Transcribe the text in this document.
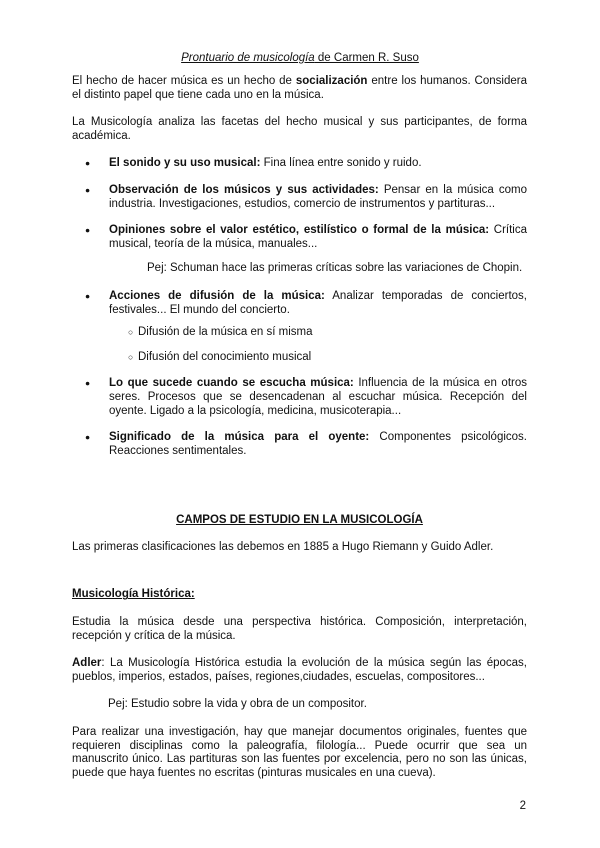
Prontuario de musicología de Carmen R. Suso

El hecho de hacer música es un hecho de socialización entre los humanos. Considera el distinto papel que tiene cada uno en la música.

La Musicología analiza las facetas del hecho musical y sus participantes, de forma académica.

● El sonido y su uso musical: Fina línea entre sonido y ruido.
● Observación de los músicos y sus actividades: Pensar en la música como industria. Investigaciones, estudios, comercio de instrumentos y partituras...
● Opiniones sobre el valor estético, estilístico o formal de la música: Crítica musical, teoría de la música, manuales...

Pej: Schuman hace las primeras críticas sobre las variaciones de Chopin.

● Acciones de difusión de la música: Analizar temporadas de conciertos, festivales... El mundo del concierto.
○ Difusión de la música en sí misma
○ Difusión del conocimiento musical
● Lo que sucede cuando se escucha música: Influencia de la música en otros seres. Procesos que se desencadenan al escuchar música. Recepción del oyente. Ligado a la psicología, medicina, musicoterapia...
● Significado de la música para el oyente: Componentes psicológicos. Reacciones sentimentales.
CAMPOS DE ESTUDIO EN LA MUSICOLOGÍA

Las primeras clasificaciones las debemos en 1885 a Hugo Riemann y Guido Adler.

Musicología Histórica:

Estudia la música desde una perspectiva histórica. Composición, interpretación, recepción y crítica de la música.

Adler: La Musicología Histórica estudia la evolución de la música según las épocas, pueblos, imperios, estados, países, regiones,ciudades, escuelas, compositores...

Pej: Estudio sobre la vida y obra de un compositor.

Para realizar una investigación, hay que manejar documentos originales, fuentes que requieren disciplinas como la paleografía, filología... Puede ocurrir que sea un manuscrito único. Las partituras son las fuentes por excelencia, pero no son las únicas, puede que haya fuentes no escritas (pinturas musicales en una cueva).

2
